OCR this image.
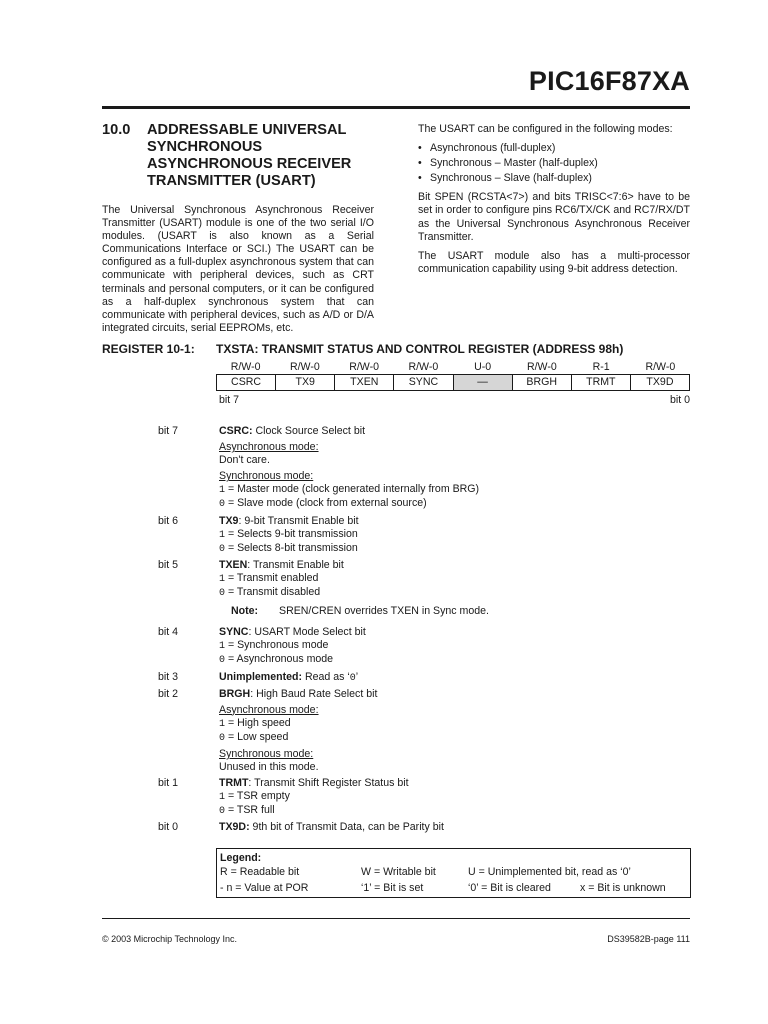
PIC16F87XA
10.0	ADDRESSABLE UNIVERSAL SYNCHRONOUS ASYNCHRONOUS RECEIVER TRANSMITTER (USART)

The Universal Synchronous Asynchronous Receiver Transmitter (USART) module is one of the two serial I/O modules. (USART is also known as a Serial Communications Interface or SCI.) The USART can be configured as a full-duplex asynchronous system that can communicate with peripheral devices, such as CRT terminals and personal computers, or it can be configured as a half-duplex synchronous system that can communicate with peripheral devices, such as A/D or D/A integrated circuits, serial EEPROMs, etc.

The USART can be configured in the following modes:

• Asynchronous (full-duplex)
• Synchronous – Master (half-duplex)
• Synchronous – Slave (half-duplex)

Bit SPEN (RCSTA<7>) and bits TRISC<7:6> have to be set in order to configure pins RC6/TX/CK and RC7/RX/DT as the Universal Synchronous Asynchronous Receiver Transmitter.

The USART module also has a multi-processor communication capability using 9-bit address detection.

REGISTER 10-1:	TXSTA: TRANSMIT STATUS AND CONTROL REGISTER (ADDRESS 98h)
R/W-0	R/W-0	R/W-0	R/W-0	U-0	R/W-0	R-1	R/W-0
CSRC	TX9	TXEN	SYNC	—	BRGH	TRMT	TX9D
bit 7	bit 0
bit 7	CSRC: Clock Source Select bit
Asynchronous mode:
Don't care.
Synchronous mode:
1 = Master mode (clock generated internally from BRG)
0 = Slave mode (clock from external source)
bit 6	TX9: 9-bit Transmit Enable bit
1 = Selects 9-bit transmission
0 = Selects 8-bit transmission
bit 5	TXEN: Transmit Enable bit
1 = Transmit enabled
0 = Transmit disabled
Note:	SREN/CREN overrides TXEN in Sync mode.
bit 4	SYNC: USART Mode Select bit
1 = Synchronous mode
0 = Asynchronous mode
bit 3	Unimplemented: Read as ‘0’
bit 2	BRGH: High Baud Rate Select bit
Asynchronous mode:
1 = High speed
0 = Low speed
Synchronous mode:
Unused in this mode.
bit 1	TRMT: Transmit Shift Register Status bit
1 = TSR empty
0 = TSR full
bit 0	TX9D: 9th bit of Transmit Data, can be Parity bit
Legend:
R = Readable bit	W = Writable bit	U = Unimplemented bit, read as ‘0’
- n = Value at POR	‘1’ = Bit is set	‘0’ = Bit is cleared	x = Bit is unknown
© 2003 Microchip Technology Inc.	DS39582B-page 111
